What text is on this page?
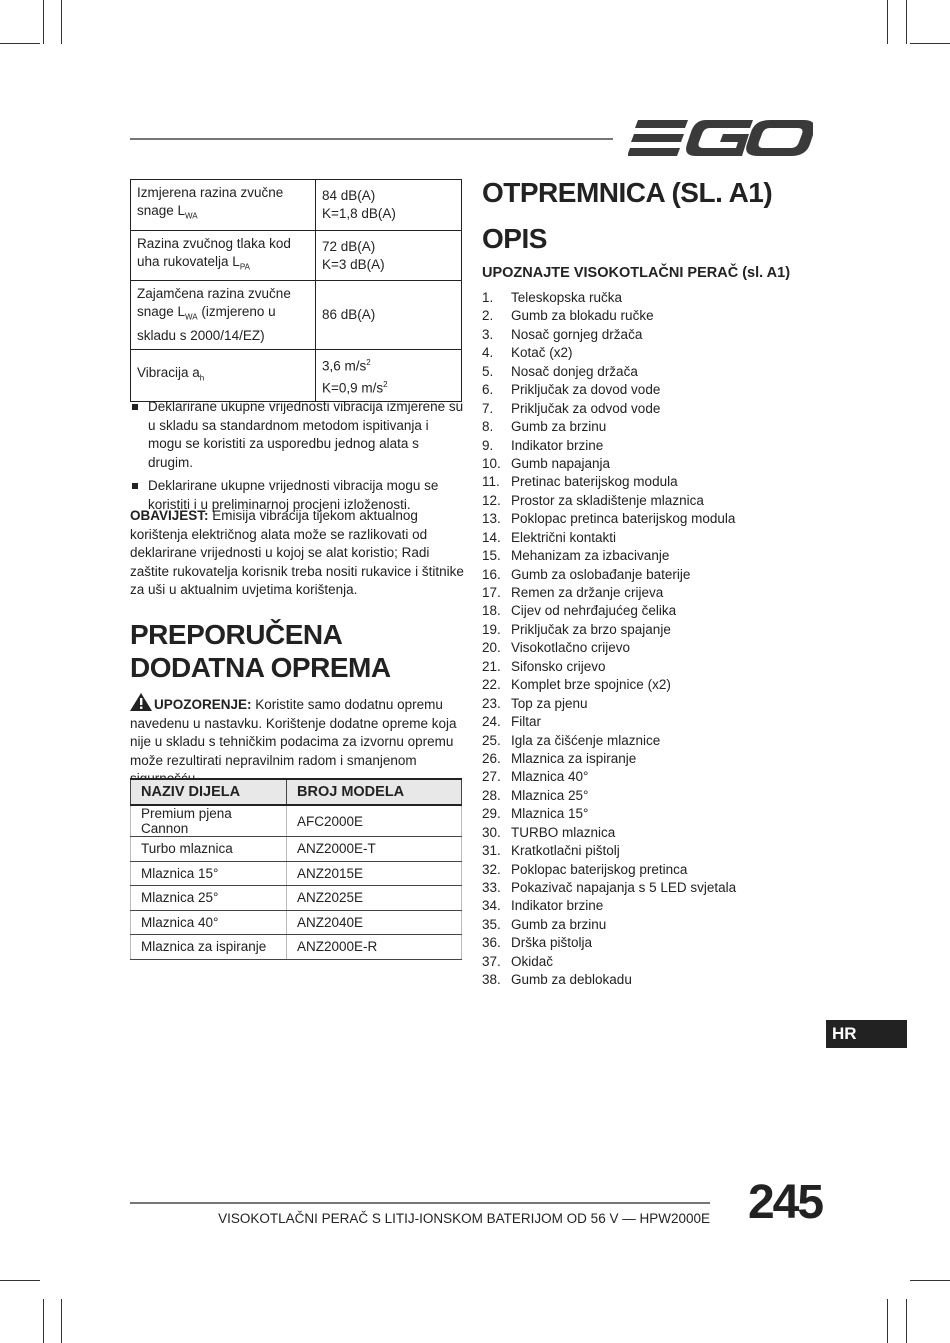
Izmjerena razina zvučne snage $L_{WA}$	84 dB(A)
K=1,8 dB(A)
Razina zvučnog tlaka kod uha rukovatelja $L_{PA}$	72 dB(A)
K=3 dB(A)
Zajamčena razina zvučne snage $L_{WA}$ (izmjereno u skladu s 2000/14/EZ)	86 dB(A)
Vibracija $a_h$	3,6 $m/s^2$
K=0,9 $m/s^2$
Deklarirane ukupne vrijednosti vibracija izmjerene su u skladu sa standardnom metodom ispitivanja i mogu se koristiti za usporedbu jednog alata s drugim.
Deklarirane ukupne vrijednosti vibracija mogu se koristiti i u preliminarnoj procjeni izloženosti.

OBAVIJEST: Emisija vibracija tijekom aktualnog korištenja električnog alata može se razlikovati od deklarirane vrijednosti u kojoj se alat koristio; Radi zaštite rukovatelja korisnik treba nositi rukavice i štitnike za uši u aktualnim uvjetima korištenja.

PREPORUČENA DODATNA OPREMA

UPOZORENJE: Koristite samo dodatnu opremu navedenu u nastavku. Korištenje dodatne opreme koja nije u skladu s tehničkim podacima za izvornu opremu može rezultirati nepravilnim radom i smanjenom

NAZIV DIJELA	BROJ MODELA
Premium pjena Cannon	AFC2000E
Turbo mlaznica	ANZ2000E-T
Mlaznica 15°	ANZ2015E
Mlaznica 25°	ANZ2025E
Mlaznica 40°	ANZ2040E
Mlaznica za ispiranje	ANZ2000E-R
OTPREMNICA (SL. A1)
OPIS
UPOZNAJTE VISOKOTLAČNI PERAČ (sl. A1)
1. Teleskopska ručka
2. Gumb za blokadu ručke
3. Nosač gornjeg držača
4. Kotač (x2)
5. Nosač donjeg držača
6. Priključak za dovod vode
7. Priključak za odvod vode
8. Gumb za brzinu
9. Indikator brzine
10. Gumb napajanja
11. Pretinac baterijskog modula
12. Prostor za skladištenje mlaznica
13. Poklopac pretinca baterijskog modula
14. Električni kontakti
15. Mehanizam za izbacivanje
16. Gumb za oslobađanje baterije
17. Remen za držanje crijeva
18. Cijev od nehrđajućeg čelika
19. Priključak za brzo spajanje
20. Visokotlačno crijevo
21. Sifonsko crijevo
22. Komplet brze spojnice (x2)
23. Top za pjenu
24. Filtar
25. Igla za čišćenje mlaznice
26. Mlaznica za ispiranje
27. Mlaznica 40°
28. Mlaznica 25°
29. Mlaznica 15°
30. TURBO mlaznica
31. Kratkotlačni pištolj
32. Poklopac baterijskog pretinca
33. Pokazivač napajanja s 5 LED svjetala
34. Indikator brzine
35. Gumb za brzinu
36. Drška pištolja
37. Okidač
38. Gumb za deblokadu
HR
VISOKOTLAČNI PERAČ S LITIJ-IONSKOM BATERIJOM OD 56 V — HPW2000E 245
